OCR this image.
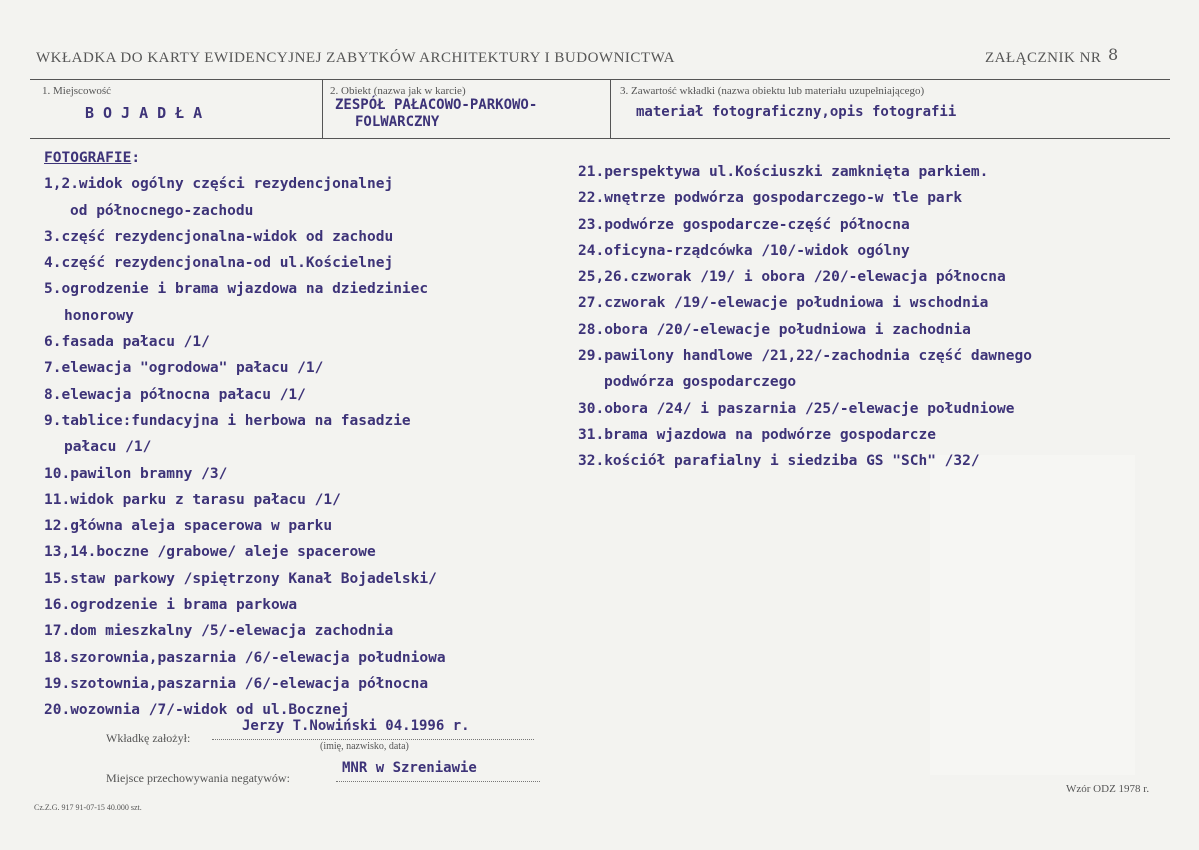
WKŁADKA DO KARTY EWIDENCYJNEJ ZABYTKÓW ARCHITEKTURY I BUDOWNICTWA	ZAŁĄCZNIK NR 8
1. Miejscowość
BOJADŁA
2. Obiekt (nazwa jak w karcie)
ZESPÓŁ PAŁACOWO-PARKOWO-
FOLWARCZNY
3. Zawartość wkładki (nazwa obiektu lub materiału uzupełniającego)
materiał fotograficzny,opis fotografii
FOTOGRAFIE:
1,2.widok ogólny części rezydencjonalnej
od północnego-zachodu
3.część rezydencjonalna-widok od zachodu
4.część rezydencjonalna-od ul.Kościelnej
5.ogrodzenie i brama wjazdowa na dziedziniec
honorowy
6.fasada pałacu /1/
7.elewacja "ogrodowa" pałacu /1/
8.elewacja północna pałacu /1/
9.tablice:fundacyjna i herbowa na fasadzie
pałacu /1/
10.pawilon bramny /3/
11.widok parku z tarasu pałacu /1/
12.główna aleja spacerowa w parku
13,14.boczne /grabowe/ aleje spacerowe
15.staw parkowy /spiętrzony Kanał Bojadelski/
16.ogrodzenie i brama parkowa
17.dom mieszkalny /5/-elewacja zachodnia
18.szorownia,paszarnia /6/-elewacja południowa
19.szotownia,paszarnia /6/-elewacja północna
20.wozownia /7/-widok od ul.Bocznej
21.perspektywa ul.Kościuszki zamknięta parkiem.
22.wnętrze podwórza gospodarczego-w tle park
23.podwórze gospodarcze-część północna
24.oficyna-rządcówka /10/-widok ogólny
25,26.czworak /19/ i obora /20/-elewacja północna
27.czworak /19/-elewacje południowa i wschodnia
28.obora /20/-elewacje południowa i zachodnia
29.pawilony handlowe /21,22/-zachodnia część dawnego
podwórza gospodarczego
30.obora /24/ i paszarnia /25/-elewacje południowe
31.brama wjazdowa na podwórze gospodarcze
32.kościół parafialny i siedziba GS "SCh" /32/
Wkładkę założył:
Jerzy T.Nowiński 04.1996 r.
(imię, nazwisko, data)
Miejsce przechowywania negatywów:
MNR w Szreniawie
Cz.Z.G. 917 91-07-15 40.000 szt.
Wzór ODZ 1978 r.
